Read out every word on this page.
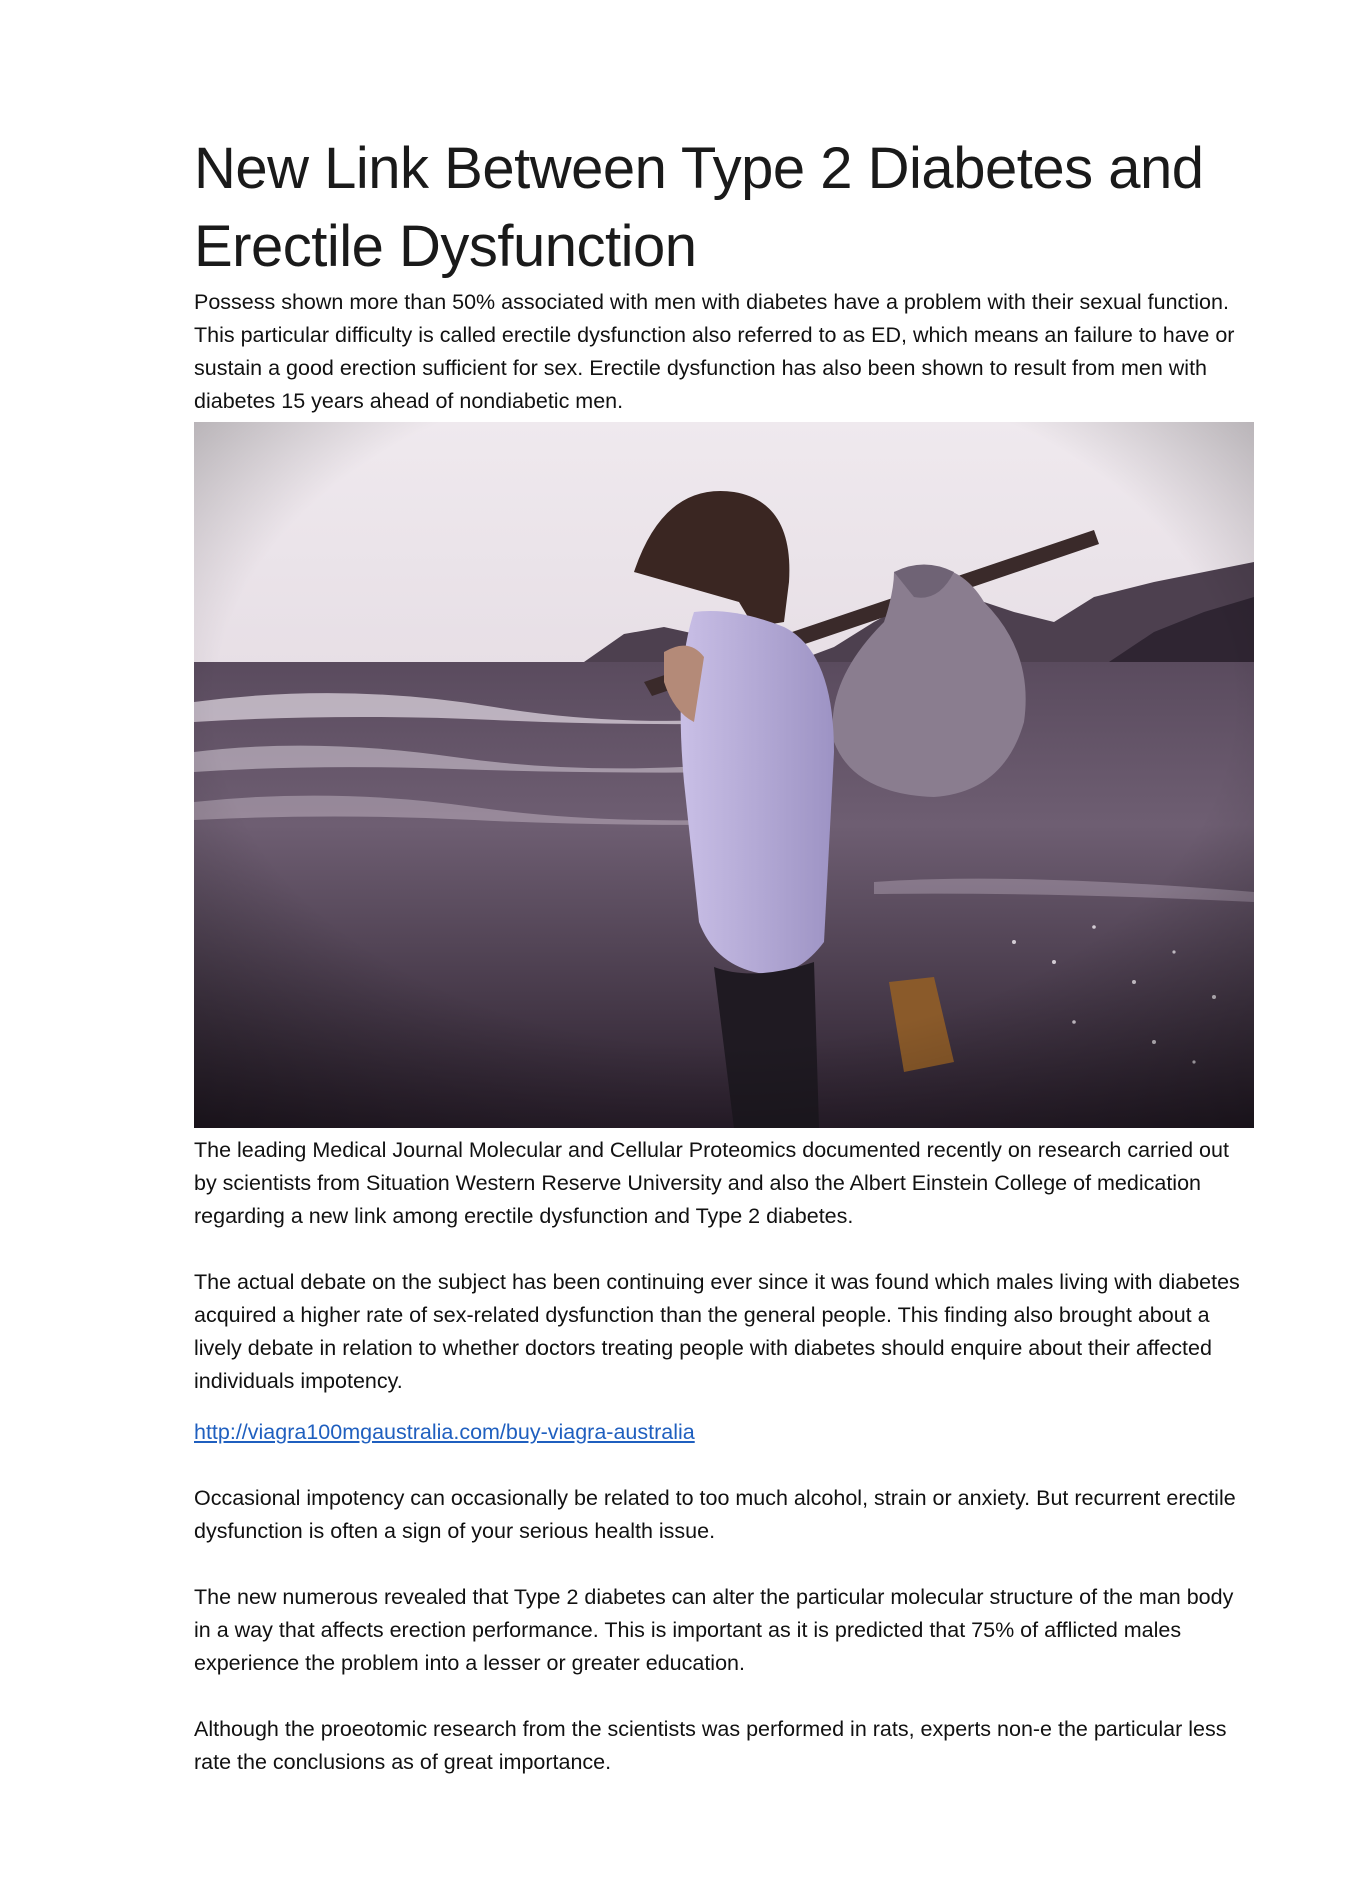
New Link Between Type 2 Diabetes and Erectile Dysfunction

Possess shown more than 50% associated with men with diabetes have a problem with their sexual function. This particular difficulty is called erectile dysfunction also referred to as ED, which means an failure to have or sustain a good erection sufficient for sex. Erectile dysfunction has also been shown to result from men with diabetes 15 years ahead of nondiabetic men.

The leading Medical Journal Molecular and Cellular Proteomics documented recently on research carried out by scientists from Situation Western Reserve University and also the Albert Einstein College of medication regarding a new link among erectile dysfunction and Type 2 diabetes.

The actual debate on the subject has been continuing ever since it was found which males living with diabetes acquired a higher rate of sex-related dysfunction than the general people. This finding also brought about a lively debate in relation to whether doctors treating people with diabetes should enquire about their affected individuals impotency.

http://viagra100mgaustralia.com/buy-viagra-australia

Occasional impotency can occasionally be related to too much alcohol, strain or anxiety. But recurrent erectile dysfunction is often a sign of your serious health issue.

The new numerous revealed that Type 2 diabetes can alter the particular molecular structure of the man body in a way that affects erection performance. This is important as it is predicted that 75% of afflicted males experience the problem into a lesser or greater education.

Although the proeotomic research from the scientists was performed in rats, experts non-e the particular less rate the conclusions as of great importance.
